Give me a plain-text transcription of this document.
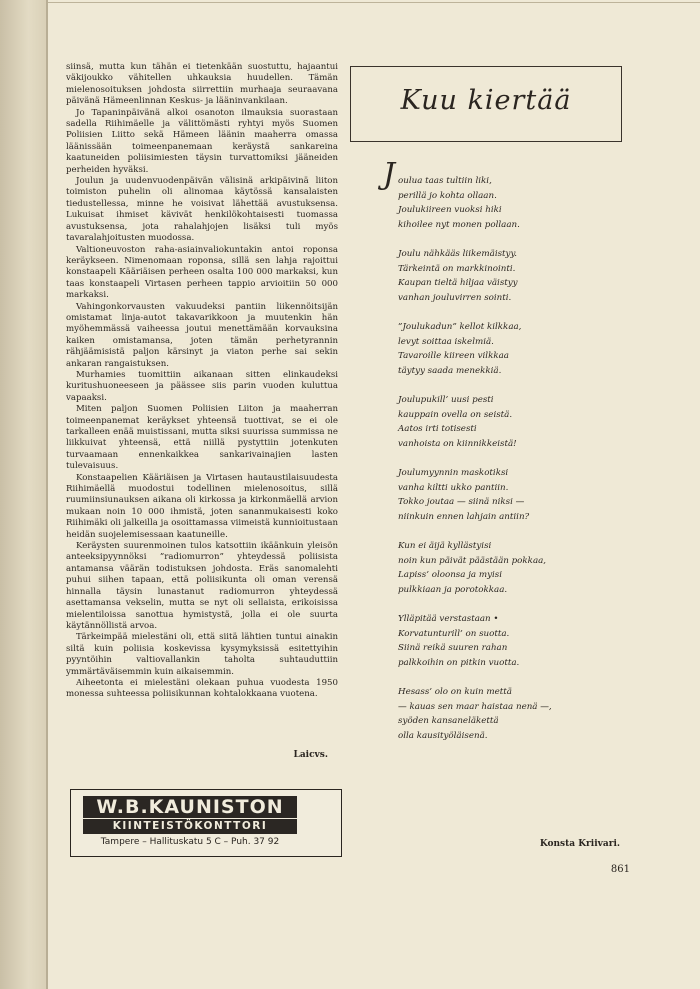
siinsä, mutta kun tähän ei tietenkään suostuttu, hajaantui väkijoukko vähitellen uhkauksia huudellen. Tämän mielenosoituksen johdosta siirrettiin murhaaja seuraavana päivänä Hämeenlinnan Keskus- ja lääninvankilaan.

Jo Tapaninpäivänä alkoi osanoton ilmauksia suorastaan sadella Riihimäelle ja välittömästi ryhtyi myös Suomen Poliisien Liitto sekä Hämeen läänin maaherra omassa läänissään toimeenpanemaan keräystä sankareina kaatuneiden poliisimiesten täysin turvattomiksi jääneiden perheiden hyväksi.

Joulun ja uudenvuodenpäivän välisinä arkipäivinä liiton toimiston puhelin oli alinomaa käytössä kansalaisten tiedustellessa, minne he voisivat lähettää avustuksensa. Lukuisat ihmiset kävivät henkilökohtaisesti tuomassa avustuksensa, jota rahalahjojen lisäksi tuli myös tavaralahjoitusten muodossa.

Valtioneuvoston raha-asiainvaliokuntakin antoi roponsa keräykseen. Nimenomaan roponsa, sillä sen lahja rajoittui konstaapeli Kääriäisen perheen osalta 100 000 markaksi, kun taas konstaapeli Virtasen perheen tappio arvioitiin 50 000 markaksi.

Vahingonkorvausten vakuudeksi pantiin liikennöitsijän omistamat linja-autot takavarikkoon ja muutenkin hän myöhemmässä vaiheessa joutui menettämään korvauksina kaiken omistamansa, joten tämän perhetyrannin rähjäämisistä paljon kärsinyt ja viaton perhe sai sekin ankaran rangaistuksen.

Murhamies tuomittiin aikanaan sitten elinkaudeksi kuritushuoneeseen ja päässee siis parin vuoden kuluttua vapaaksi.

Miten paljon Suomen Poliisien Liiton ja maaherran toimeenpanemat keräykset yhteensä tuottivat, se ei ole tarkalleen enää muistissani, mutta siksi suurissa summissa ne liikkuivat yhteensä, että niillä pystyttiin jotenkuten turvaamaan ennenkaikkea sankarivainajien lasten tulevaisuus.

Konstaapelien Kääriäisen ja Virtasen hautaustilaisuudesta Riihimäellä muodostui todellinen mielenosoitus, sillä ruumiinsiunauksen aikana oli kirkossa ja kirkonmäellä arvion mukaan noin 10 000 ihmistä, joten sananmukaisesti koko Riihimäki oli jalkeilla ja osoittamassa viimeistä kunnioitustaan heidän suojelemisessaan kaatuneille.

Keräysten suurenmoinen tulos katsottiin ikäänkuin yleisön anteeksipyynnöksi ”radiomurron” yhteydessä poliisista antamansa väärän todistuksen johdosta. Eräs sanomalehti puhui siihen tapaan, että poliisikunta oli oman verensä hinnalla täysin lunastanut radiomurron yhteydessä asettamansa vekselin, mutta se nyt oli sellaista, erikoisissa mielentiloissa sanottua hymistystä, jolla ei ole suurta käytännöllistä arvoa.

Tärkeimpää mielestäni oli, että siitä lähtien tuntui ainakin siltä kuin poliisia koskevissa kysymyksissä esitettyihin pyyntöihin valtiovallankin taholta suhtauduttiin ymmärtäväisemmin kuin aikaisemmin.

Aiheetonta ei mielestäni olekaan puhua vuodesta 1950 monessa suhteessa poliisikunnan kohtalokkaana vuotena.

Laicvs.
W.B.KAUNISTON
KIINTEISTÖKONTTORI
Tampere – Hallituskatu 5 C – Puh. 37 92
Kuu kiertää
J oulua taas tultiin liki,
perillä jo kohta ollaan.
Joulukiireen vuoksi hiki
kihoilee nyt monen pollaan.
Joulu nähkääs liikemäistyy.
Tärkeintä on markkinointi.
Kaupan tieltä hiljaa väistyy
vanhan jouluvirren sointi.
”Joulukadun” kellot kilkkaa,
levyt soittaa iskelmiä.
Tavaroille kiireen vilkkaa
täytyy saada menekkiä.
Joulupukill’ uusi pesti
kauppain ovella on seistä.
Aatos irti totisesti
vanhoista on kiinnikkeistä!
Joulumyynnin maskotiksi
vanha kiltti ukko pantiin.
Tokko joutaa — siinä niksi —
niinkuin ennen lahjain antiin?
Kun ei äijä kyllästyisi
noin kun päivät päästään pokkaa,
Lapiss’ oloonsa ja myisi
pulkkiaan ja porotokkaa.
Ylläpitää verstastaan •
Korvatunturill’ on suotta.
Siinä reikä suuren rahan
palkkoihin on pitkin vuotta.
Hesass’ olo on kuin mettä
— kauas sen maar haistaa nenä —,
syöden kansaneläkettä
olla kausityöläisenä.
Konsta Kriivari.
861
